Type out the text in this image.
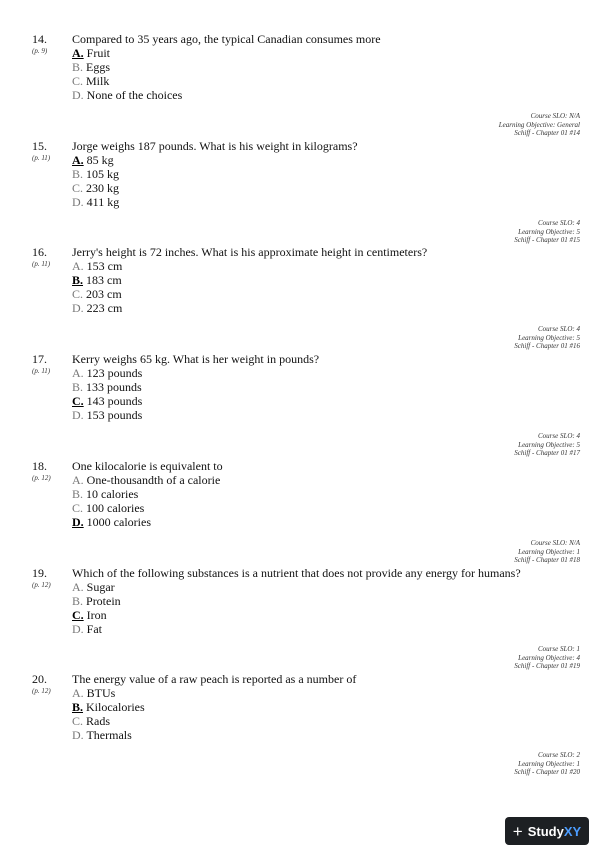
14.
(p. 9)
Compared to 35 years ago, the typical Canadian consumes more
A. Fruit
B. Eggs
C. Milk
D. None of the choices
Course SLO: N/A
Learning Objective: General
Schiff - Chapter 01 #14
15.
(p. 11)
Jorge weighs 187 pounds. What is his weight in kilograms?
A. 85 kg
B. 105 kg
C. 230 kg
D. 411 kg
Course SLO: 4
Learning Objective: 5
Schiff - Chapter 01 #15
16.
(p. 11)
Jerry's height is 72 inches. What is his approximate height in centimeters?
A. 153 cm
B. 183 cm
C. 203 cm
D. 223 cm
Course SLO: 4
Learning Objective: 5
Schiff - Chapter 01 #16
17.
(p. 11)
Kerry weighs 65 kg. What is her weight in pounds?
A. 123 pounds
B. 133 pounds
C. 143 pounds
D. 153 pounds
Course SLO: 4
Learning Objective: 5
Schiff - Chapter 01 #17
18.
(p. 12)
One kilocalorie is equivalent to
A. One-thousandth of a calorie
B. 10 calories
C. 100 calories
D. 1000 calories
Course SLO: N/A
Learning Objective: 1
Schiff - Chapter 01 #18
19.
(p. 12)
Which of the following substances is a nutrient that does not provide any energy for humans?
A. Sugar
B. Protein
C. Iron
D. Fat
Course SLO: 1
Learning Objective: 4
Schiff - Chapter 01 #19
20.
(p. 12)
The energy value of a raw peach is reported as a number of
A. BTUs
B. Kilocalories
C. Rads
D. Thermals
Course SLO: 2
Learning Objective: 1
Schiff - Chapter 01 #20
+ Study XY
